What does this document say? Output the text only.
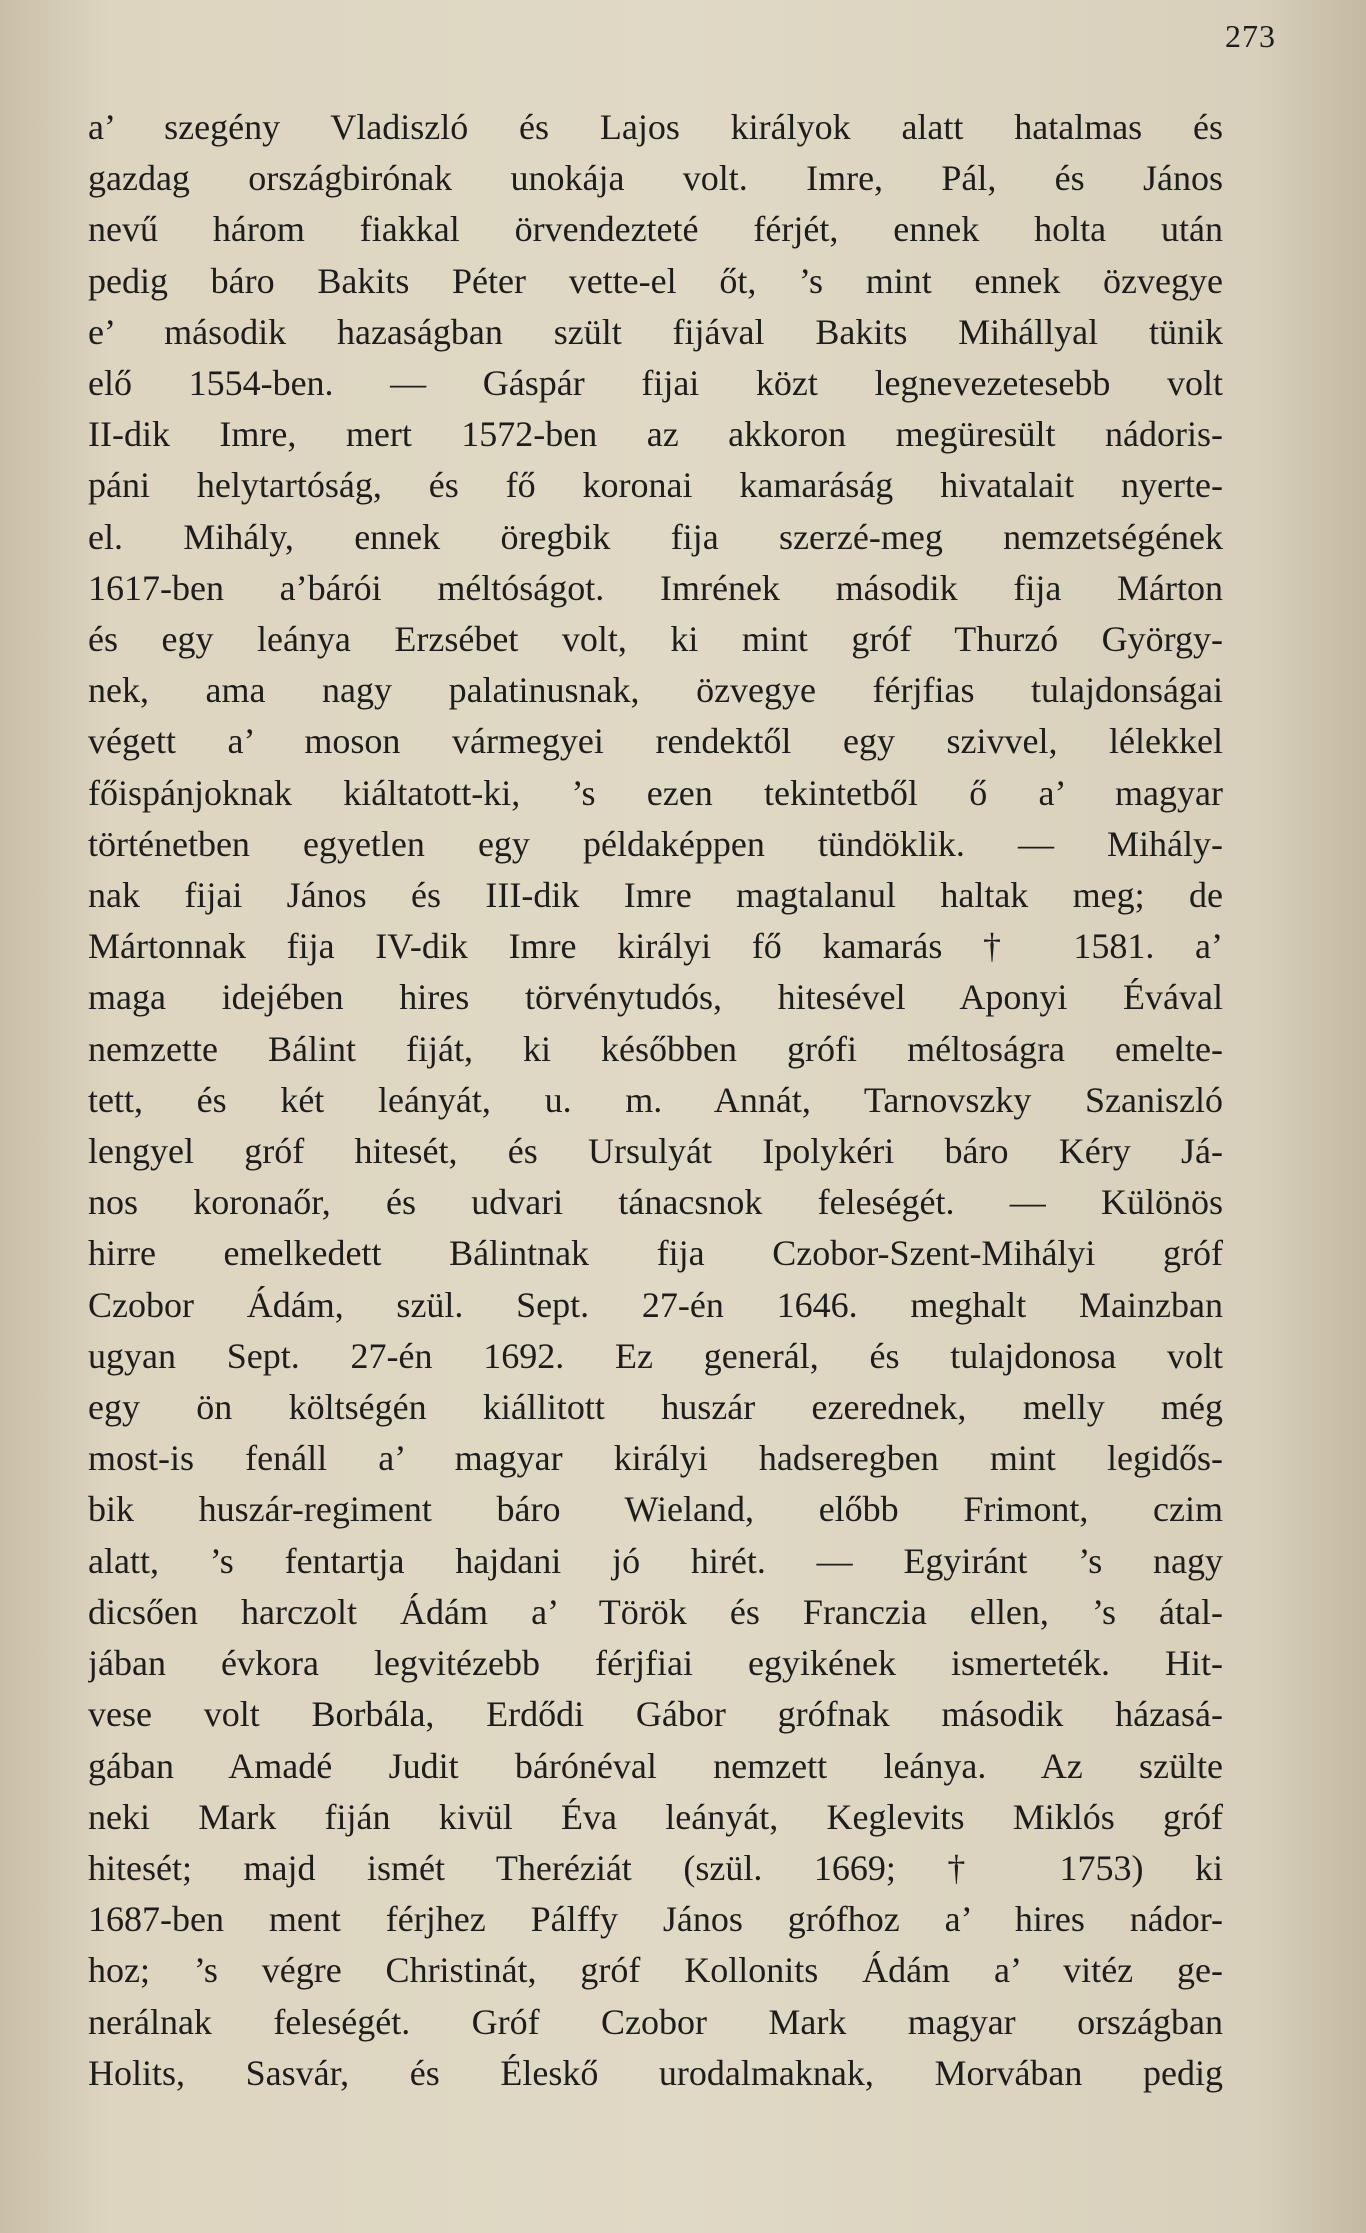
273
a’ szegény Vladiszló és Lajos királyok alatt hatalmas és
gazdag országbirónak unokája volt. Imre, Pál, és János
nevű három fiakkal örvendeztеté férjét, ennek holta után
pedig báro Bakits Péter vette-el őt, ’s mint ennek özvegye
e’ második hazaságban szült fijával Bakits Mihállyal tünik
elő 1554-ben. — Gáspár fijai közt legnevezetesebb volt
II-dik Imre, mert 1572-ben az akkoron megüresült nádoris-
páni helytartóság, és fő koronai kamaráság hivatalait nyerte-
el. Mihály, ennek öregbik fija szerzé-meg nemzetségének
1617-ben a’bárói méltóságot. Imrének második fija Márton
és egy leánya Erzsébet volt, ki mint gróf Thurzó György-
nek, ama nagy palatinusnak, özvegye férjfias tulajdonságai
végett a’ moson vármegyei rendektől egy szivvel, lélekkel
főispánjoknak kiáltatott-ki, ’s ezen tekintetből ő a’ magyar
történetben egyetlen egy példaképpen tündöklik. — Mihály-
nak fijai János és III-dik Imre magtalanul haltak meg; de
Mártonnak fija IV-dik Imre királyi fő kamarás † 1581. a’
maga idejében hires törvénytudós, hitesével Aponyi Évával
nemzette Bálint fiját, ki későbben grófi méltoságra emelte-
tett, és két leányát, u. m. Annát, Tarnovszky Szaniszló
lengyel gróf hitesét, és Ursulyát Ipolykéri báro Kéry Já-
nos koronaőr, és udvari tánacsnok feleségét. — Különös
hirre emelkedett Bálintnak fija Czobor-Szent-Mihályi gróf
Czobor Ádám, szül. Sept. 27-én 1646. meghalt Mainzban
ugyan Sept. 27-én 1692. Ez generál, és tulajdonosa volt
egy ön költségén kiállitott huszár ezerednek, melly még
most-is fenáll a’ magyar királyi hadseregben mint legidős-
bik huszár-regiment báro Wieland, előbb Frimont, czim
alatt, ’s fentartja hajdani jó hirét. — Egyiránt ’s nagy
dicsően harczolt Ádám a’ Török és Franczia ellen, ’s átal-
jában évkora legvitézebb férjfiai egyikének ismerteték. Hit-
vese volt Borbála, Erdődi Gábor grófnak második házasá-
gában Amadé Judit bárónéval nemzett leánya. Az szülte
neki Mark fiján kivül Éva leányát, Keglevits Miklós gróf
hitesét; majd ismét Theréziát (szül. 1669; † 1753) ki
1687-ben ment férjhez Pálffy János grófhoz a’ hires nádor-
hoz; ’s végre Christinát, gróf Kollonits Ádám a’ vitéz ge-
nerálnak feleségét. Gróf Czobor Mark magyar országban
Holits, Sasvár, és Éleskő urodalmaknak, Morvában pedig
